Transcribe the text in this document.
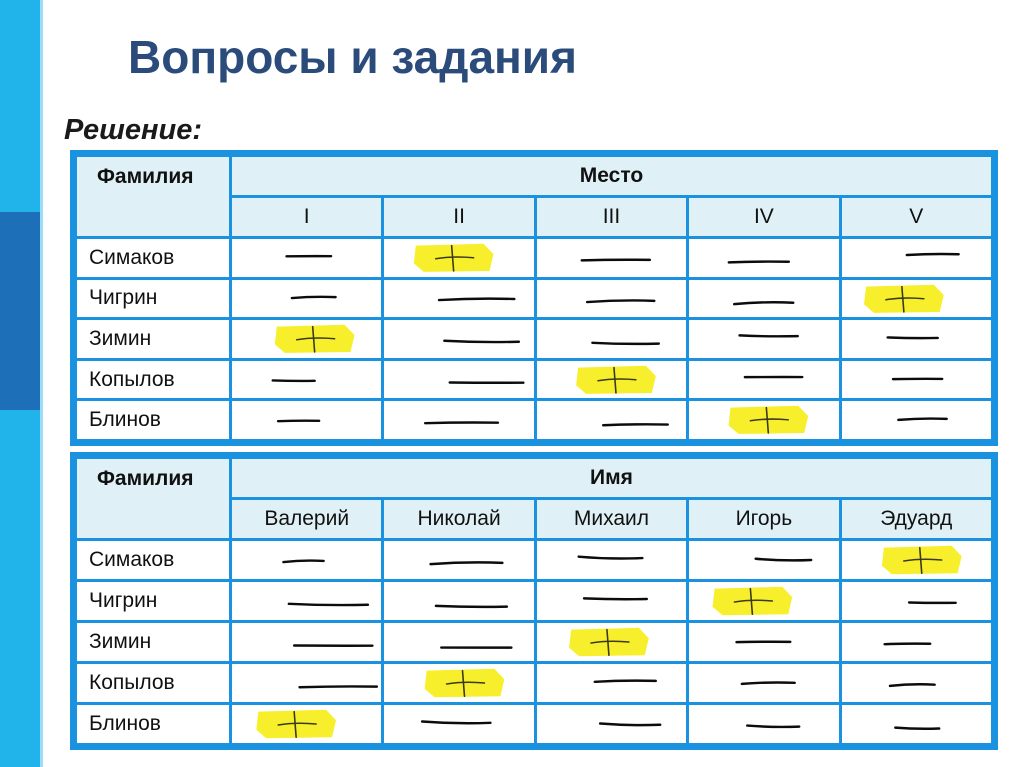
Вопросы и задания
Решение:
Фамилия	Место				
	I	II	III	IV	V
Симаков	

Чигрин	

Зимин	

Копылов	

Блинов	

Фамилия	Имя				
	Валерий	Николай	Михаил	Игорь	Эдуард
Симаков	

Чигрин	

Зимин	

Копылов	

Блинов	
